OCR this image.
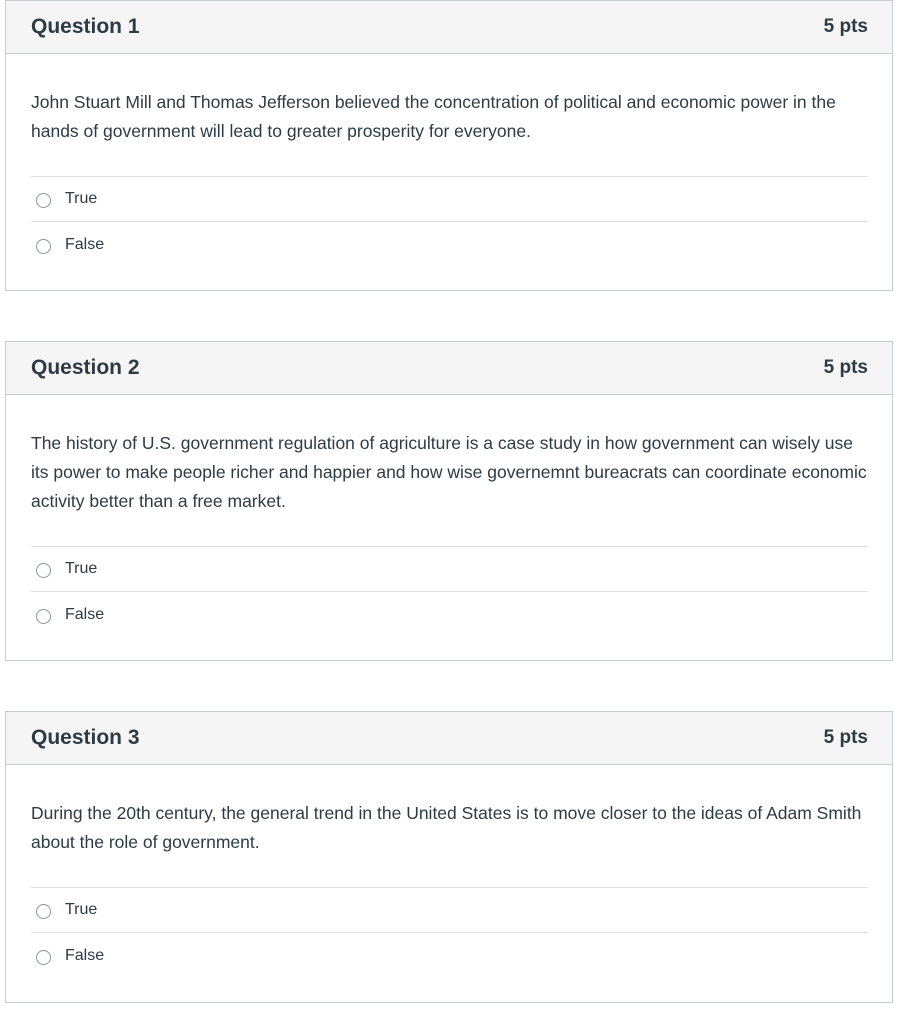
Question 1	5 pts

John Stuart Mill and Thomas Jefferson believed the concentration of political and economic power in the hands of government will lead to greater prosperity for everyone.

True
False
Question 2	5 pts

The history of U.S. government regulation of agriculture is a case study in how government can wisely use its power to make people richer and happier and how wise governemnt bureacrats can coordinate economic activity better than a free market.

True
False
Question 3	5 pts

During the 20th century, the general trend in the United States is to move closer to the ideas of Adam Smith about the role of government.

True
False
